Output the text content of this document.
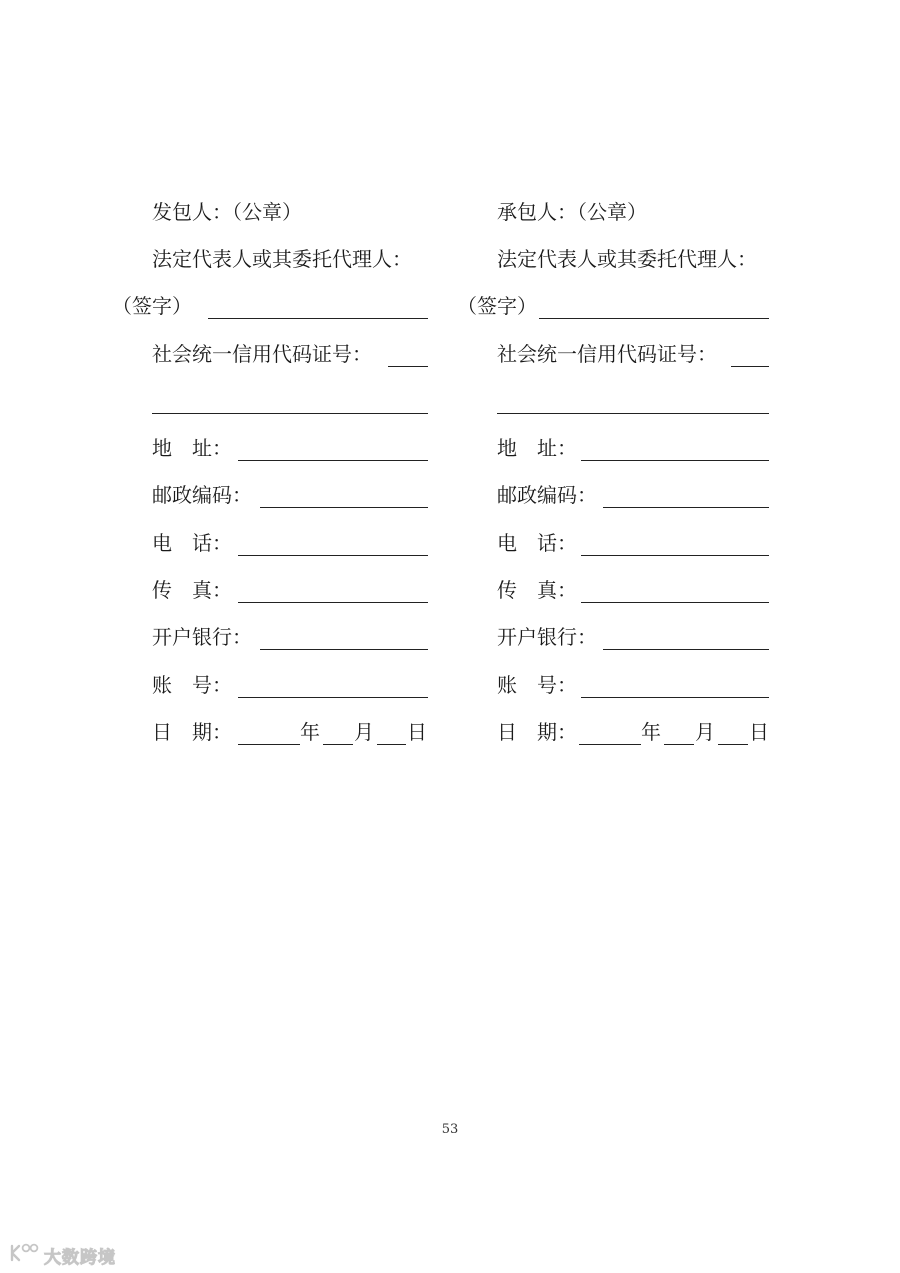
发包人：（公章）
法定代表人或其委托代理人：
（签字）
社会统一信用代码证号：
地　址：
邮政编码：
电　话：
传　真：
开户银行：
账　号：
日　期：	年 月 日
承包人：（公章）
法定代表人或其委托代理人：
（签字）
社会统一信用代码证号：
地　址：
邮政编码：
电　话：
传　真：
开户银行：
账　号：
日　期：	年 月 日
53
大数跨境
